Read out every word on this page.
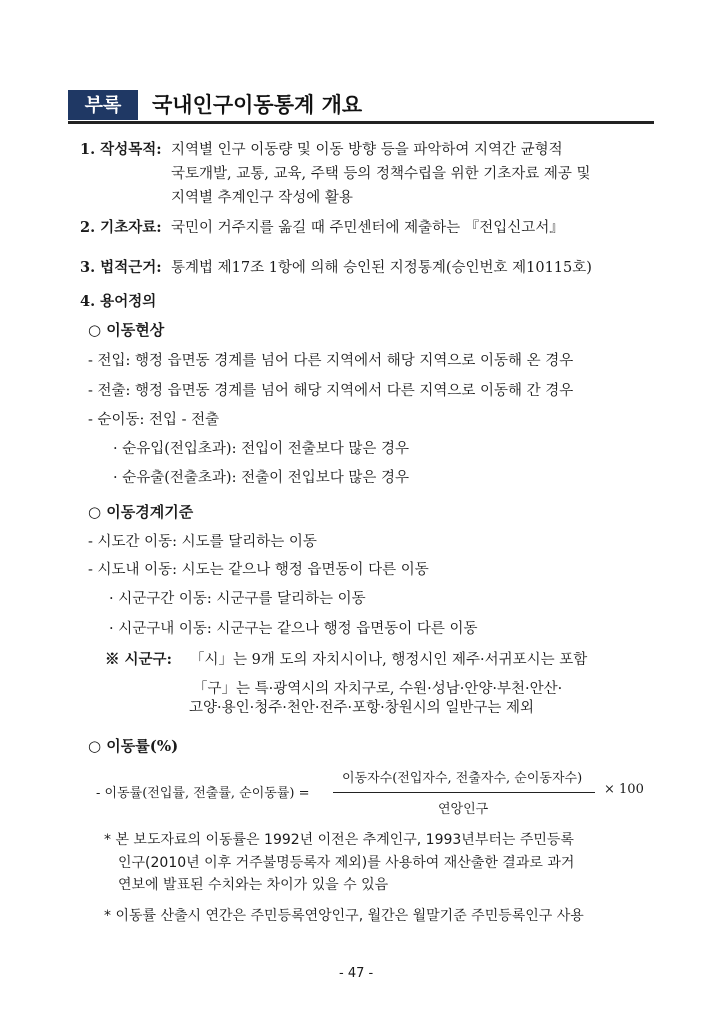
부록	국내인구이동통계 개요
1. 작성목적: 지역별 인구 이동량 및 이동 방향 등을 파악하여 지역간 균형적
국토개발, 교통, 교육, 주택 등의 정책수립을 위한 기초자료 제공 및
지역별 추계인구 작성에 활용
2. 기초자료: 국민이 거주지를 옮길 때 주민센터에 제출하는 『전입신고서』
3. 법적근거: 통계법 제17조 1항에 의해 승인된 지정통계(승인번호 제10115호)
4. 용어정의
○ 이동현상
- 전입: 행정 읍면동 경계를 넘어 다른 지역에서 해당 지역으로 이동해 온 경우
- 전출: 행정 읍면동 경계를 넘어 해당 지역에서 다른 지역으로 이동해 간 경우
- 순이동: 전입 - 전출
· 순유입(전입초과): 전입이 전출보다 많은 경우
· 순유출(전출초과): 전출이 전입보다 많은 경우
○ 이동경계기준
- 시도간 이동: 시도를 달리하는 이동
- 시도내 이동: 시도는 같으나 행정 읍면동이 다른 이동
· 시군구간 이동: 시군구를 달리하는 이동
· 시군구내 이동: 시군구는 같으나 행정 읍면동이 다른 이동
※ 시군구: 「시」는 9개 도의 자치시이나, 행정시인 제주·서귀포시는 포함
「구」는 특·광역시의 자치구로, 수원·성남·안양·부천·안산·
고양·용인·청주·천안·전주·포항·창원시의 일반구는 제외
○ 이동률(%)
- 이동률(전입률, 전출률, 순이동률) =
이동자수(전입자수, 전출자수, 순이동자수)
연앙인구
× 100
* 본 보도자료의 이동률은 1992년 이전은 추계인구, 1993년부터는 주민등록
인구(2010년 이후 거주불명등록자 제외)를 사용하여 재산출한 결과로 과거
연보에 발표된 수치와는 차이가 있을 수 있음
* 이동률 산출시 연간은 주민등록연앙인구, 월간은 월말기준 주민등록인구 사용
- 47 -
